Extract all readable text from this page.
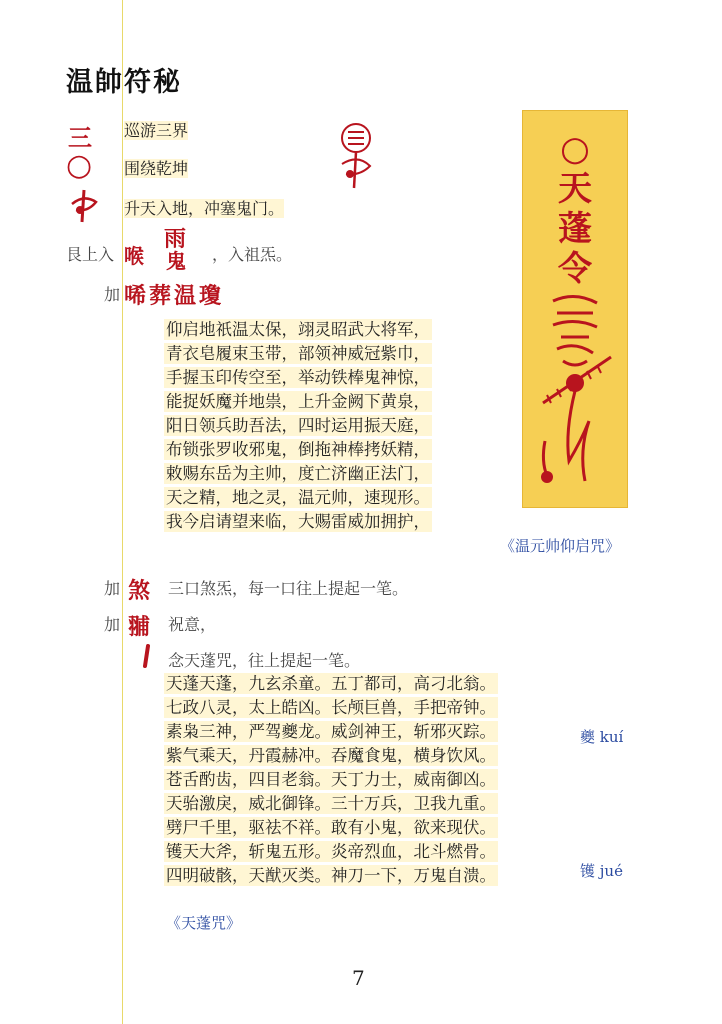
温帥符秘
三
○
巡游三界
围绕乾坤
升天入地，冲塞鬼门。
艮上入 喉
雨
鬼 ，入祖炁。
加 唏葬温瓊
仰启地祇温太保，翊灵昭武大将军，
青衣皂履束玉带，部领神威冠紫巾，
手握玉印传空至，举动铁棒鬼神惊，
能捉妖魔并地祟，上升金阙下黄泉，
阳日领兵助吾法，四时运用振天庭，
布锁张罗收邪鬼，倒拖神棒拷妖精，
敕赐东岳为主帅，度亡济幽正法门，
天之精，地之灵，温元帅，速现形。
我今启请望来临，大赐雷威加拥护，
《温元帅仰启咒》
加 煞 三口煞炁，每一口往上提起一笔。
加 䎍 祝意，
念天蓬咒，往上提起一笔。
天蓬天蓬，九玄杀童。五丁都司，高刁北翁。
七政八灵，太上皓凶。长颅巨兽，手把帝钟。
素枭三神，严驾夔龙。威剑神王，斩邪灭踪。
紫气乘天，丹霞赫冲。吞魔食鬼，横身饮风。
苍舌酌齿，四目老翁。天丁力士，威南御凶。
天骀激戾，威北御锋。三十万兵，卫我九重。
劈尸千里，驱祛不祥。敢有小鬼，欲来现伏。
镬天大斧，斩鬼五形。炎帝烈血，北斗燃骨。
四明破骸，天猷灭类。神刀一下，万鬼自溃。
夔 kuí
镬 jué
《天蓬咒》
○
天
蓬
令
7
